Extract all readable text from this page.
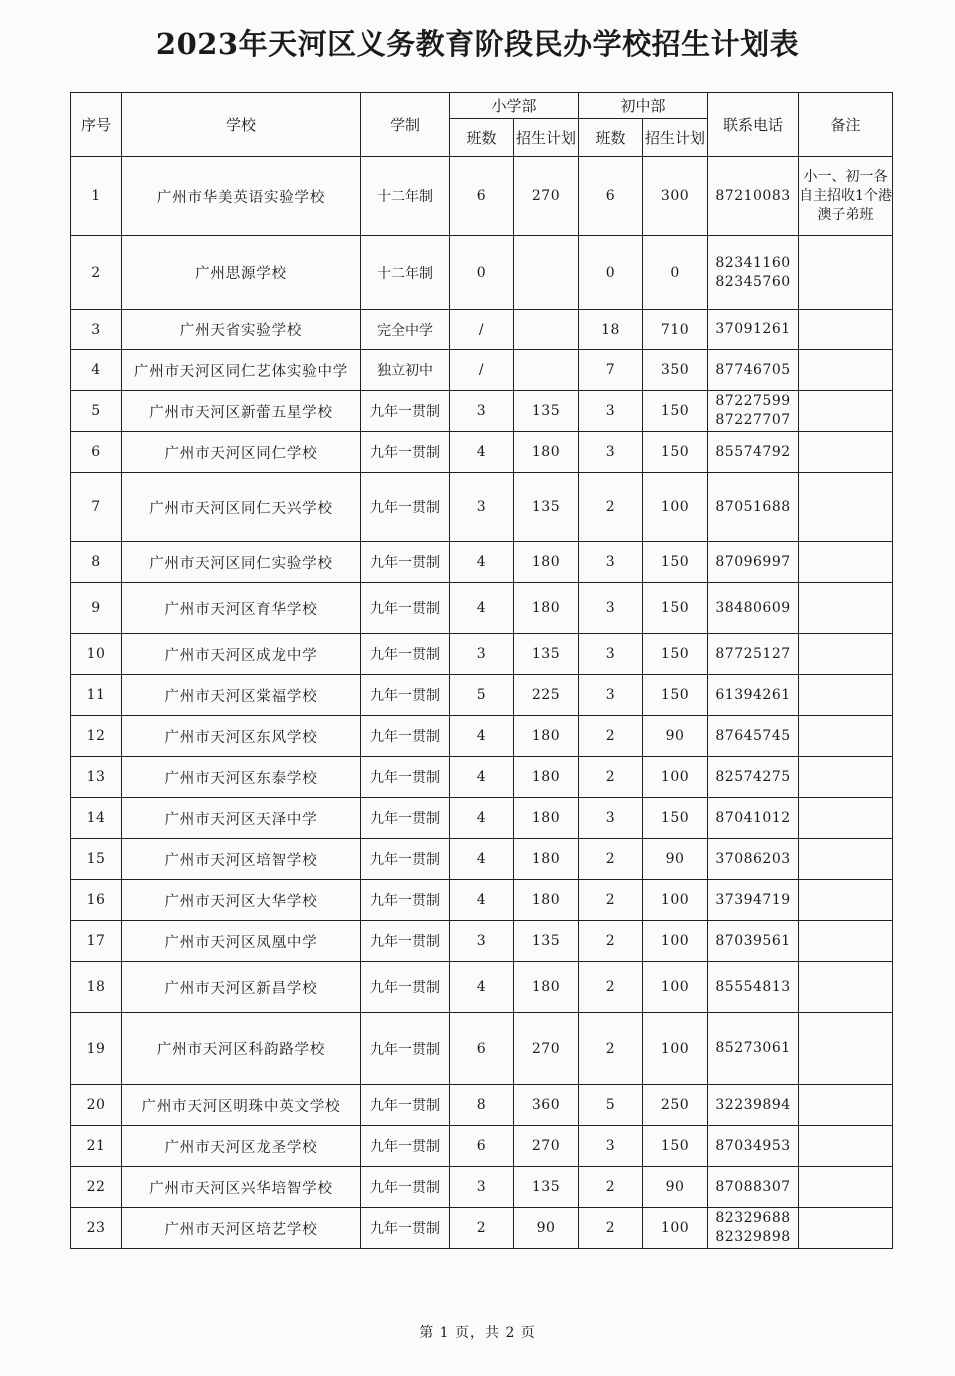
2023年天河区义务教育阶段民办学校招生计划表
序号	学校	学制	小学部		初中部		联系电话	备注
			班数	招生计划	班数	招生计划		
1	广州市华美英语实验学校	十二年制	6	270	6	300	87210083	小一、初一各自主招收1个港澳子弟班
2	广州思源学校	十二年制	0		0	0	82341160
82345760	

3	广州天省实验学校	完全中学	/		18	710	37091261	

4	广州市天河区同仁艺体实验中学	独立初中	/		7	350	87746705	

5	广州市天河区新蕾五星学校	九年一贯制	3	135	3	150	87227599
87227707	

6	广州市天河区同仁学校	九年一贯制	4	180	3	150	85574792	

7	广州市天河区同仁天兴学校	九年一贯制	3	135	2	100	87051688	

8	广州市天河区同仁实验学校	九年一贯制	4	180	3	150	87096997	

9	广州市天河区育华学校	九年一贯制	4	180	3	150	38480609	

10	广州市天河区成龙中学	九年一贯制	3	135	3	150	87725127	

11	广州市天河区棠福学校	九年一贯制	5	225	3	150	61394261	

12	广州市天河区东风学校	九年一贯制	4	180	2	90	87645745	

13	广州市天河区东泰学校	九年一贯制	4	180	2	100	82574275	

14	广州市天河区天泽中学	九年一贯制	4	180	3	150	87041012	

15	广州市天河区培智学校	九年一贯制	4	180	2	90	37086203	

16	广州市天河区大华学校	九年一贯制	4	180	2	100	37394719	

17	广州市天河区凤凰中学	九年一贯制	3	135	2	100	87039561	

18	广州市天河区新昌学校	九年一贯制	4	180	2	100	85554813	

19	广州市天河区科韵路学校	九年一贯制	6	270	2	100	85273061	

20	广州市天河区明珠中英文学校	九年一贯制	8	360	5	250	32239894	

21	广州市天河区龙圣学校	九年一贯制	6	270	3	150	87034953	

22	广州市天河区兴华培智学校	九年一贯制	3	135	2	90	87088307	

23	广州市天河区培艺学校	九年一贯制	2	90	2	100	82329688
82329898	

第 1 页，共 2 页
